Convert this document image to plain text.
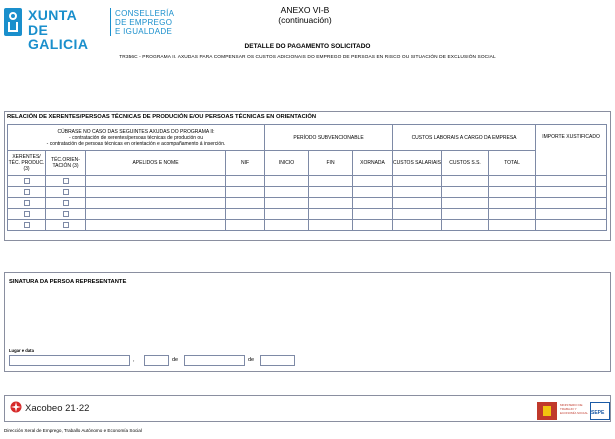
XUNTA
DE GALICIA
CONSELLERÍA
DE EMPREGO
E IGUALDADE
ANEXO VI-B
(continuación)
DETALLE DO PAGAMENTO SOLICITADO
TR356C - PROGRAMA II. AXUDAS PARA COMPENSAR OS CUSTOS ADICIONAIS DO EMPREGO DE PERSOAS EN RISCO OU SITUACIÓN DE EXCLUSIÓN SOCIAL
RELACIÓN DE XERENTES/PERSOAS TÉCNICAS DE PRODUCIÓN E/OU PERSOAS TÉCNICAS EN ORIENTACIÓN
CÚBRASE NO CASO DAS SEGUINTES AXUDAS DO PROGRAMA II:
- contratación de xerentes/persoas técnicas de produción ou
- contratación de persoas técnicas en orientación e acompañamento á inserción.				PERÍODO SUBVENCIONABLE			CUSTOS LABORAIS A CARGO DA EMPRESA			IMPORTE XUSTIFICADO
XERENTES/ TÉC. PRODUC. (3)	TÉC.ORIEN- TACIÓN (3)	APELIDOS E NOME	NIF	INICIO	FIN	XORNADA	CUSTOS SALARIAIS	CUSTOS S.S.	TOTAL	

SINATURA DA PERSOA REPRESENTANTE
Lugar e data
,	de	de
Xacobeo 21·22	MINISTERIO DE TRABAJO Y ECONOMÍA SOCIAL SEPE
Dirección Xeral de Emprego, Traballo Autónomo e Economía Social
